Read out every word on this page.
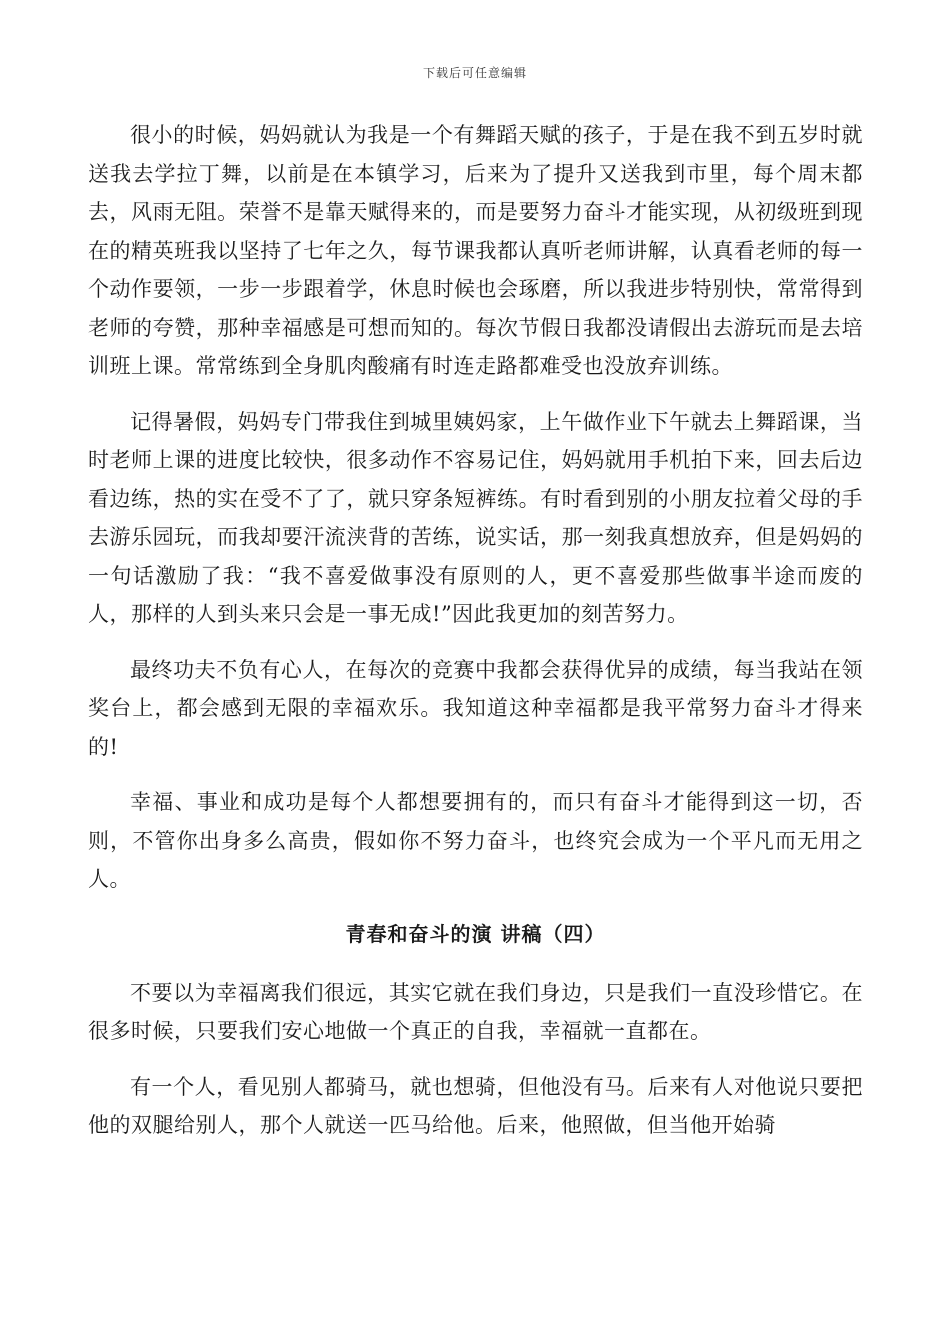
下载后可任意编辑

很小的时候，妈妈就认为我是一个有舞蹈天赋的孩子，于是在我不到五岁时就送我去学拉丁舞，以前是在本镇学习，后来为了提升又送我到市里，每个周末都去，风雨无阻。荣誉不是靠天赋得来的，而是要努力奋斗才能实现，从初级班到现在的精英班我以坚持了七年之久，每节课我都认真听老师讲解，认真看老师的每一个动作要领，一步一步跟着学，休息时候也会琢磨，所以我进步特别快，常常得到老师的夸赞，那种幸福感是可想而知的。每次节假日我都没请假出去游玩而是去培训班上课。常常练到全身肌肉酸痛有时连走路都难受也没放弃训练。

记得暑假，妈妈专门带我住到城里姨妈家，上午做作业下午就去上舞蹈课，当时老师上课的进度比较快，很多动作不容易记住，妈妈就用手机拍下来，回去后边看边练，热的实在受不了了，就只穿条短裤练。有时看到别的小朋友拉着父母的手去游乐园玩，而我却要汗流浃背的苦练，说实话，那一刻我真想放弃，但是妈妈的一句话激励了我：“我不喜爱做事没有原则的人，更不喜爱那些做事半途而废的人，那样的人到头来只会是一事无成!”因此我更加的刻苦努力。

最终功夫不负有心人，在每次的竞赛中我都会获得优异的成绩，每当我站在领奖台上，都会感到无限的幸福欢乐。我知道这种幸福都是我平常努力奋斗才得来的!

幸福、事业和成功是每个人都想要拥有的，而只有奋斗才能得到这一切，否则，不管你出身多么高贵，假如你不努力奋斗，也终究会成为一个平凡而无用之人。

青春和奋斗的演 讲稿（四）

不要以为幸福离我们很远，其实它就在我们身边，只是我们一直没珍惜它。在很多时候，只要我们安心地做一个真正的自我，幸福就一直都在。

有一个人，看见别人都骑马，就也想骑，但他没有马。后来有人对他说只要把他的双腿给别人，那个人就送一匹马给他。后来，他照做，但当他开始骑
